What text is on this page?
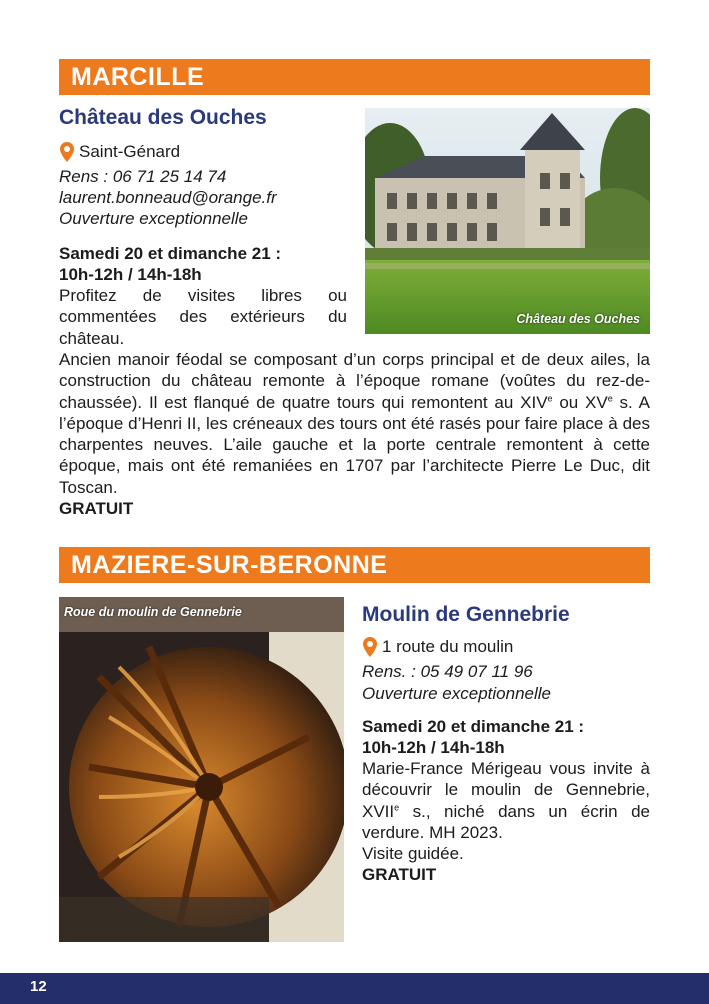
MARCILLE
Château des Ouches
Saint-Génard
Rens : 06 71 25 14 74
laurent.bonneaud@orange.fr
Ouverture exceptionnelle
Samedi 20 et dimanche 21 :
10h-12h / 14h-18h
Profitez de visites libres ou commentées des extérieurs du château.
Ancien manoir féodal se composant d’un corps principal et de deux ailes, la construction du château remonte à l’époque romane (voûtes du rez-de-chaussée). Il est flanqué de quatre tours qui remontent au XIVe ou XVe s. A l’époque d’Henri II, les créneaux des tours ont été rasés pour faire place à des charpentes neuves. L’aile gauche et la porte centrale remontent à cette époque, mais ont été remaniées en 1707 par l’architecte Pierre Le Duc, dit Toscan.
GRATUIT
Château des Ouches
MAZIERE-SUR-BERONNE
Roue du moulin de Gennebrie	Moulin de Gennebrie
1 route du moulin
Rens. : 05 49 07 11 96
Ouverture exceptionnelle
Samedi 20 et dimanche 21 :
10h-12h / 14h-18h
Marie-France Mérigeau vous invite à découvrir le moulin de Gennebrie, XVIIe s., niché dans un écrin de verdure. MH 2023.
Visite guidée.
GRATUIT
12
